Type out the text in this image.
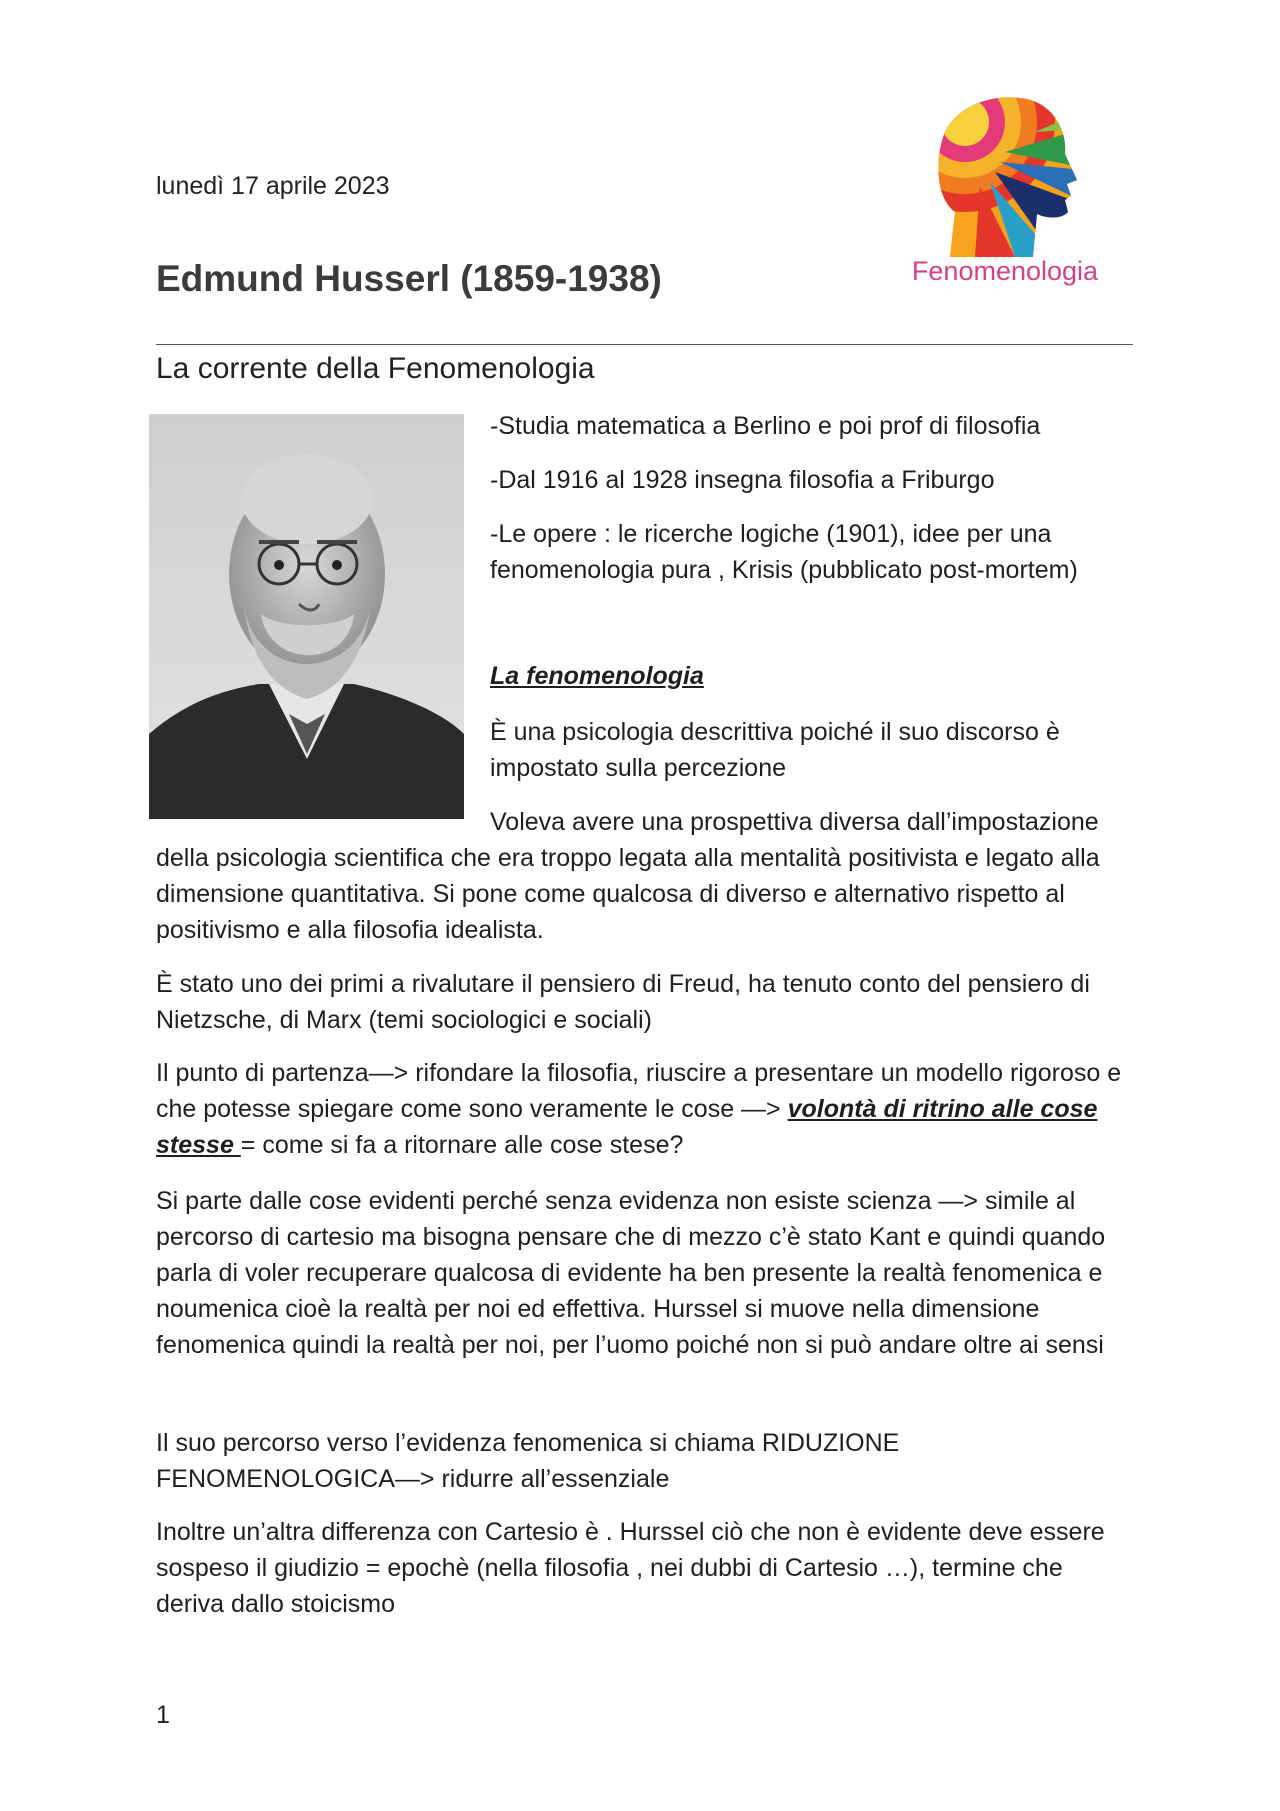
lunedì 17 aprile 2023
Edmund Husserl (1859-1938)	Fenomenologia
La corrente della Fenomenologia

-Studia matematica a Berlino e poi prof di filosofia

-Dal 1916 al 1928 insegna filosofia a Friburgo

-Le opere : le ricerche logiche (1901), idee per una fenomenologia pura , Krisis (pubblicato post-mortem)

La fenomenologia

È una psicologia descrittiva poiché il suo discorso è impostato sulla percezione

Voleva avere una prospettiva diversa dall’impostazione della psicologia scientifica che era troppo legata alla mentalità positivista e legato alla dimensione quantitativa. Si pone come qualcosa di diverso e alternativo rispetto al positivismo e alla filosofia idealista.

È stato uno dei primi a rivalutare il pensiero di Freud, ha tenuto conto del pensiero di Nietzsche, di Marx (temi sociologici e sociali)

Il punto di partenza—> rifondare la filosofia, riuscire a presentare un modello rigoroso e che potesse spiegare come sono veramente le cose —> volontà di ritrino alle cose stesse = come si fa a ritornare alle cose stese?

Si parte dalle cose evidenti perché senza evidenza non esiste scienza —> simile al percorso di cartesio ma bisogna pensare che di mezzo c’è stato Kant e quindi quando parla di voler recuperare qualcosa di evidente ha ben presente la realtà fenomenica e noumenica cioè la realtà per noi ed effettiva. Hurssel si muove nella dimensione fenomenica quindi la realtà per noi, per l’uomo poiché non si può andare oltre ai sensi

Il suo percorso verso l’evidenza fenomenica si chiama RIDUZIONE FENOMENOLOGICA—> ridurre all’essenziale

Inoltre un’altra differenza con Cartesio è . Hurssel ciò che non è evidente deve essere sospeso il giudizio = epochè (nella filosofia , nei dubbi di Cartesio …), termine che deriva dallo stoicismo

1
